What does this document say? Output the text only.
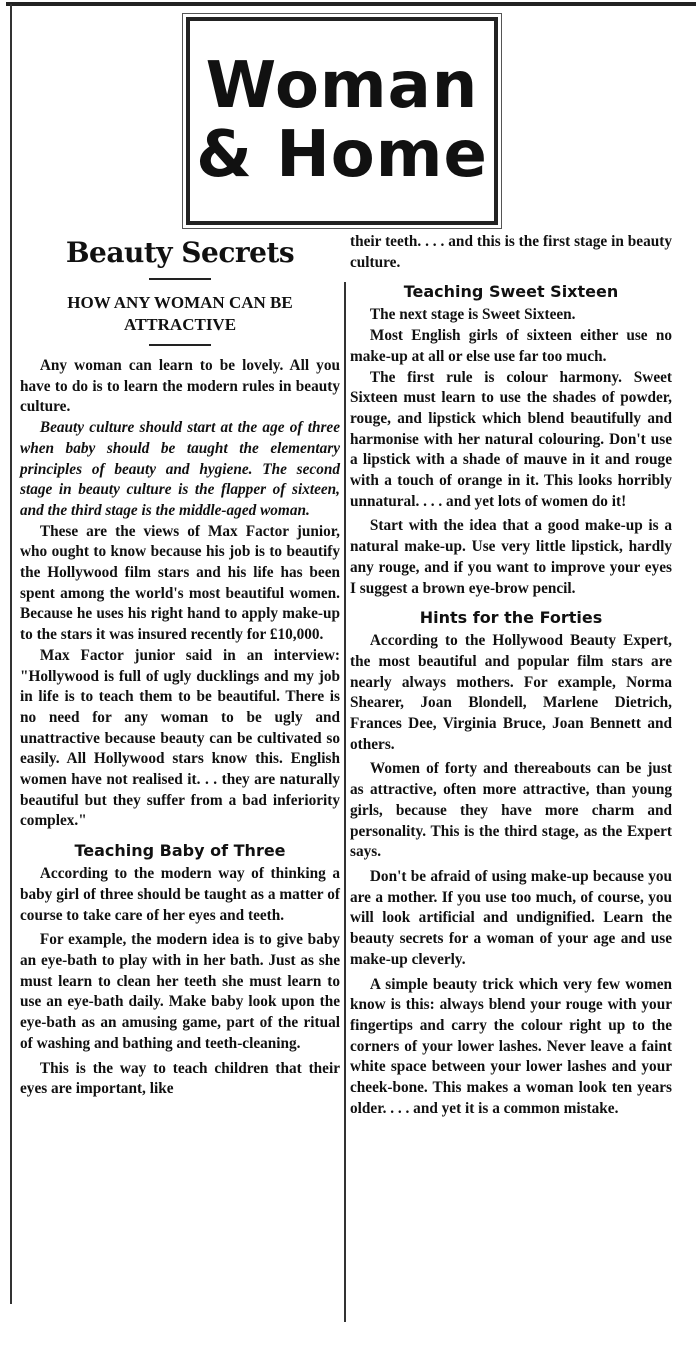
Woman
& Home
Beauty Secrets
HOW ANY WOMAN CAN BE ATTRACTIVE

Any woman can learn to be lovely. All you have to do is to learn the modern rules in beauty culture.

Beauty culture should start at the age of three when baby should be taught the elementary principles of beauty and hygiene. The second stage in beauty culture is the flapper of sixteen, and the third stage is the middle-aged woman.

These are the views of Max Factor junior, who ought to know because his job is to beautify the Hollywood film stars and his life has been spent among the world's most beautiful women. Because he uses his right hand to apply make-up to the stars it was insured recently for £10,000.

Max Factor junior said in an interview: "Hollywood is full of ugly ducklings and my job in life is to teach them to be beautiful. There is no need for any woman to be ugly and unattractive because beauty can be cultivated so easily. All Hollywood stars know this. English women have not realised it. . . they are naturally beautiful but they suffer from a bad inferiority complex."

Teaching Baby of Three

According to the modern way of thinking a baby girl of three should be taught as a matter of course to take care of her eyes and teeth.

For example, the modern idea is to give baby an eye-bath to play with in her bath. Just as she must learn to clean her teeth she must learn to use an eye-bath daily. Make baby look upon the eye-bath as an amusing game, part of the ritual of washing and bathing and teeth-cleaning.

This is the way to teach children that their eyes are important, like

their teeth. . . . and this is the first stage in beauty culture.

Teaching Sweet Sixteen

The next stage is Sweet Sixteen.

Most English girls of sixteen either use no make-up at all or else use far too much.

The first rule is colour harmony. Sweet Sixteen must learn to use the shades of powder, rouge, and lipstick which blend beautifully and harmonise with her natural colouring. Don't use a lipstick with a shade of mauve in it and rouge with a touch of orange in it. This looks horribly unnatural. . . . and yet lots of women do it!

Start with the idea that a good make-up is a natural make-up. Use very little lipstick, hardly any rouge, and if you want to improve your eyes I suggest a brown eye-brow pencil.

Hints for the Forties

According to the Hollywood Beauty Expert, the most beautiful and popular film stars are nearly always mothers. For example, Norma Shearer, Joan Blondell, Marlene Dietrich, Frances Dee, Virginia Bruce, Joan Bennett and others.

Women of forty and thereabouts can be just as attractive, often more attractive, than young girls, because they have more charm and personality. This is the third stage, as the Expert says.

Don't be afraid of using make-up because you are a mother. If you use too much, of course, you will look artificial and undignified. Learn the beauty secrets for a woman of your age and use make-up cleverly.

A simple beauty trick which very few women know is this: always blend your rouge with your fingertips and carry the colour right up to the corners of your lower lashes. Never leave a faint white space between your lower lashes and your cheek-bone. This makes a woman look ten years older. . . . and yet it is a common mistake.
